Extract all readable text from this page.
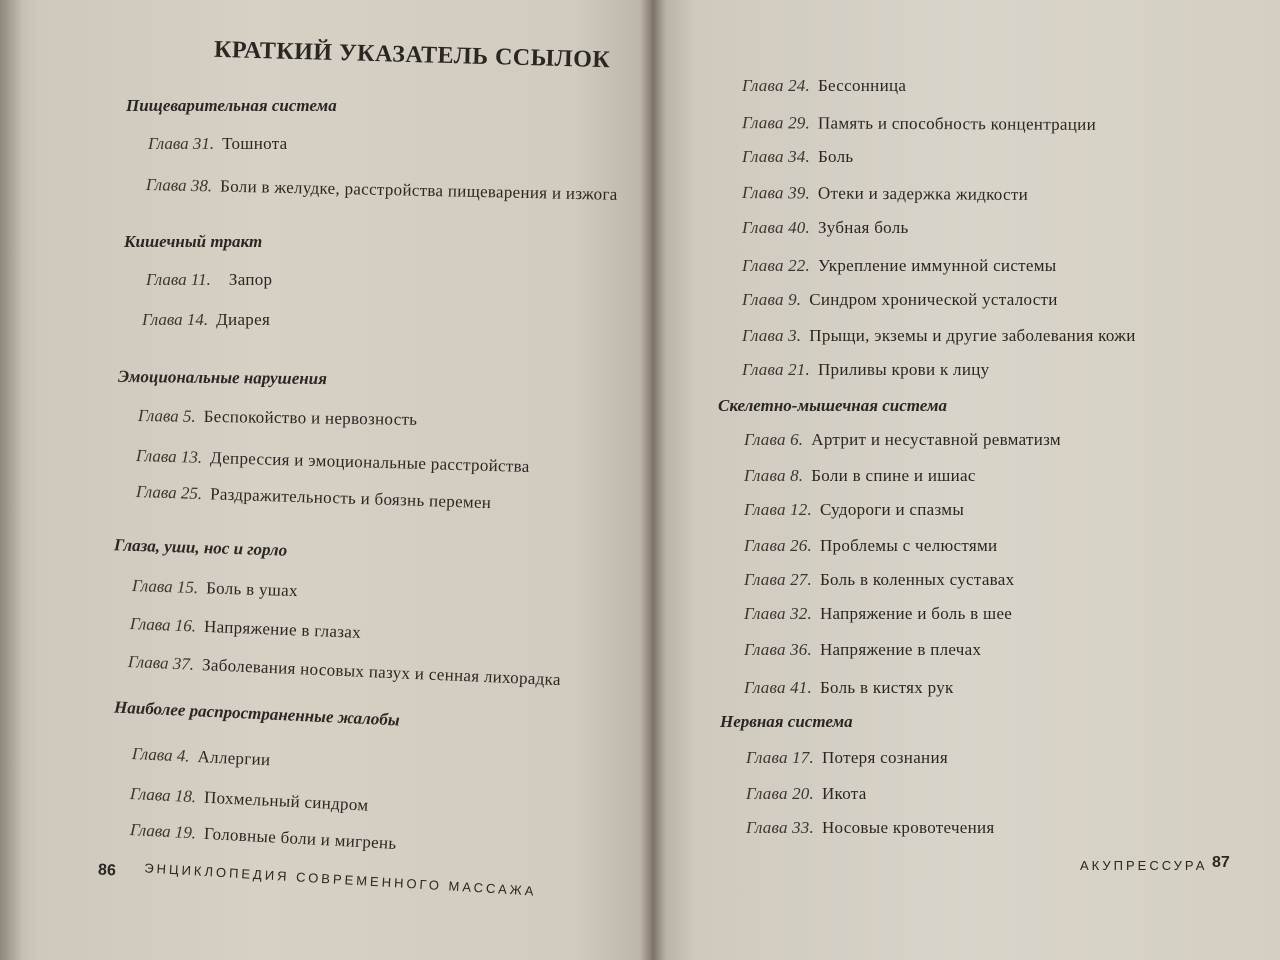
КРАТКИЙ УКАЗАТЕЛЬ ССЫЛОК
Пищеварительная система
Глава 31. Тошнота
Глава 38. Боли в желудке, расстройства пищеварения и изжога
Кишечный тракт
Глава 11. Запор
Глава 14. Диарея
Эмоциональные нарушения
Глава 5. Беспокойство и нервозность
Глава 13. Депрессия и эмоциональные расстройства
Глава 25. Раздражительность и боязнь перемен
Глаза, уши, нос и горло
Глава 15. Боль в ушах
Глава 16. Напряжение в глазах
Глава 37. Заболевания носовых пазух и сенная лихорадка
Наиболее распространенные жалобы
Глава 4. Аллергии
Глава 18. Похмельный синдром
Глава 19. Головные боли и мигрень
86 ЭНЦИКЛОПЕДИЯ СОВРЕМЕННОГО МАССАЖА
Глава 24. Бессонница
Глава 29. Память и способность концентрации
Глава 34. Боль
Глава 39. Отеки и задержка жидкости
Глава 40. Зубная боль
Глава 22. Укрепление иммунной системы
Глава 9. Синдром хронической усталости
Глава 3. Прыщи, экземы и другие заболевания кожи
Глава 21. Приливы крови к лицу
Скелетно-мышечная система
Глава 6. Артрит и несуставной ревматизм
Глава 8. Боли в спине и ишиас
Глава 12. Судороги и спазмы
Глава 26. Проблемы с челюстями
Глава 27. Боль в коленных суставах
Глава 32. Напряжение и боль в шее
Глава 36. Напряжение в плечах
Глава 41. Боль в кистях рук
Нервная система
Глава 17. Потеря сознания
Глава 20. Икота
Глава 33. Носовые кровотечения
АКУПРЕССУРА 87
